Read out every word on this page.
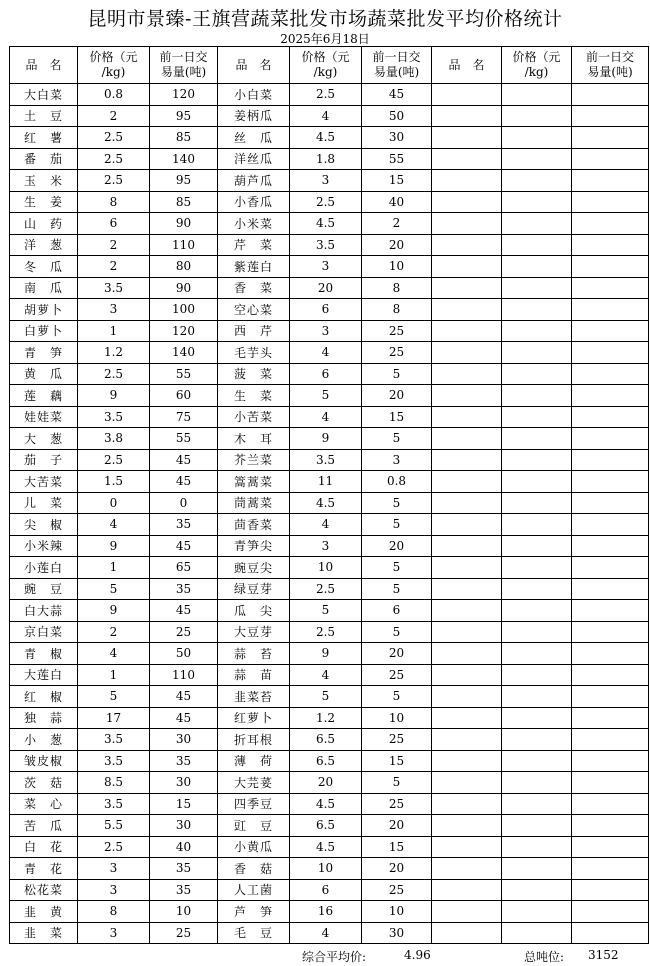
昆明市景臻-王旗营蔬菜批发市场蔬菜批发平均价格统计
2025年6月18日
品　名	价格（元
/kg)	前一日交
易量(吨)	品　名	价格（元
/kg)	前一日交
易量(吨)	品　名	价格（元
/kg)	前一日交
易量(吨)
大白菜	0.8	120	小白菜	2.5	45			
土　豆	2	95	姜柄瓜	4	50			
红　薯	2.5	85	丝　瓜	4.5	30			
番　茄	2.5	140	洋丝瓜	1.8	55			
玉　米	2.5	95	葫芦瓜	3	15			
生　姜	8	85	小香瓜	2.5	40			
山　药	6	90	小米菜	4.5	2			
洋　葱	2	110	芹　菜	3.5	20			
冬　瓜	2	80	紫莲白	3	10			
南　瓜	3.5	90	香　菜	20	8			
胡萝卜	3	100	空心菜	6	8			
白萝卜	1	120	西　芹	3	25			
青　笋	1.2	140	毛芋头	4	25			
黄　瓜	2.5	55	菠　菜	6	5			
莲　藕	9	60	生　菜	5	20			
娃娃菜	3.5	75	小苦菜	4	15			
大　葱	3.8	55	木　耳	9	5			
茄　子	2.5	45	芥兰菜	3.5	3			
大苦菜	1.5	45	篙蒿菜	11	0.8			
儿　菜	0	0	茼蒿菜	4.5	5			
尖　椒	4	35	茴香菜	4	5			
小米辣	9	45	青笋尖	3	20			
小莲白	1	65	豌豆尖	10	5			
豌　豆	5	35	绿豆芽	2.5	5			
白大蒜	9	45	瓜　尖	5	6			
京白菜	2	25	大豆芽	2.5	5			
青　椒	4	50	蒜　苔	9	20			
大莲白	1	110	蒜　苗	4	25			
红　椒	5	45	韭菜苔	5	5			
独　蒜	17	45	红萝卜	1.2	10			
小　葱	3.5	30	折耳根	6.5	25			
皱皮椒	3.5	35	薄　荷	6.5	15			
茨　菇	8.5	30	大芫荽	20	5			
菜　心	3.5	15	四季豆	4.5	25			
苦　瓜	5.5	30	豇　豆	6.5	20			
白　花	2.5	40	小黄瓜	4.5	15			
青　花	3	35	香　菇	10	20			
松花菜	3	35	人工菌	6	25			
韭　黄	8	10	芦　笋	16	10			
韭　菜	3	25	毛　豆	4	30			
综合平均价:	4.96	总吨位: 3152
